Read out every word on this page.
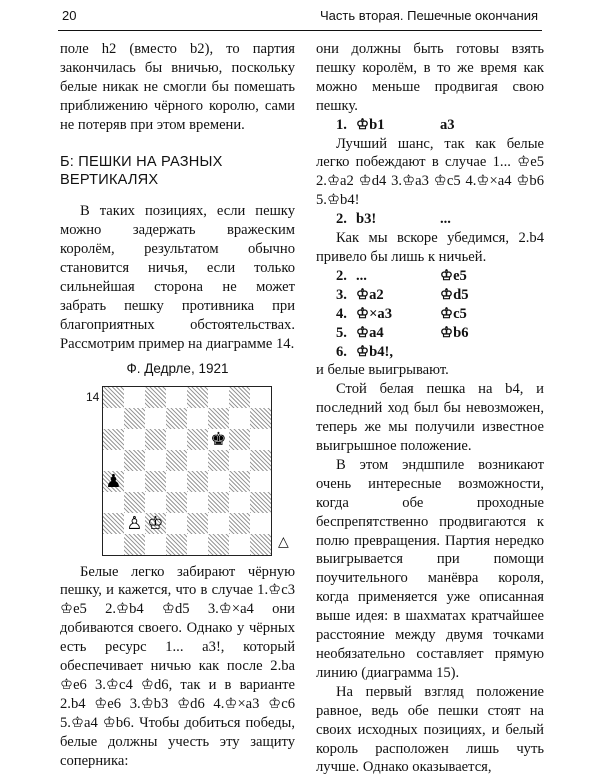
20	Часть вторая. Пешечные окончания

поле h2 (вместо b2), то партия закончилась бы вничью, поскольку белые никак не смогли бы помешать приближению чёрного королю, сами не потеряв при этом времени.

Б: ПЕШКИ НА РАЗНЫХ ВЕРТИКАЛЯХ

В таких позициях, если пешку можно задержать вражеским королём, результатом обычно становится ничья, если только сильнейшая сторона не может забрать пешку противника при благоприятных обстоятельствах. Рассмотрим пример на диаграмме 14.

Ф. Дедрле, 1921
14
♚
♟
♙ ♔
△

Белые легко забирают чёрную пешку, и кажется, что в случае 1.♔c3 ♔e5 2.♔b4 ♔d5 3.♔×a4 они добиваются своего. Однако у чёрных есть ресурс 1... a3!, который обеспечивает ничью как после 2.ba ♔e6 3.♔c4 ♔d6, так и в варианте 2.b4 ♔e6 3.♔b3 ♔d6 4.♔×a3 ♔c6 5.♔a4 ♔b6. Чтобы добиться победы, белые должны учесть эту защиту соперника:

они должны быть готовы взять пешку королём, в то же время как можно меньше продвигая свою пешку.

1. ♔b1	a3

Лучший шанс, так как белые легко побеждают в случае 1... ♔e5 2.♔a2 ♔d4 3.♔a3 ♔c5 4.♔×a4 ♔b6 5.♔b4!

2. b3!	...

Как мы вскоре убедимся, 2.b4 привело бы лишь к ничьей.

2. ...	♔e5
3. ♔a2	♔d5
4. ♔×a3	♔c5
5. ♔a4	♔b6
6. ♔b4!,

и белые выигрывают.

Стой белая пешка на b4, и последний ход был бы невозможен, теперь же мы получили известное выигрышное положение.

В этом эндшпиле возникают очень интересные возможности, когда обе проходные беспрепятственно продвигаются к полю превращения. Партия нередко выигрывается при помощи поучительного манёвра короля, когда применяется уже описанная выше идея: в шахматах кратчайшее расстояние между двумя точками необязательно составляет прямую линию (диаграмма 15).

На первый взгляд положение равное, ведь обе пешки стоят на своих исходных позициях, и белый король расположен лишь чуть лучше. Однако оказывается,
